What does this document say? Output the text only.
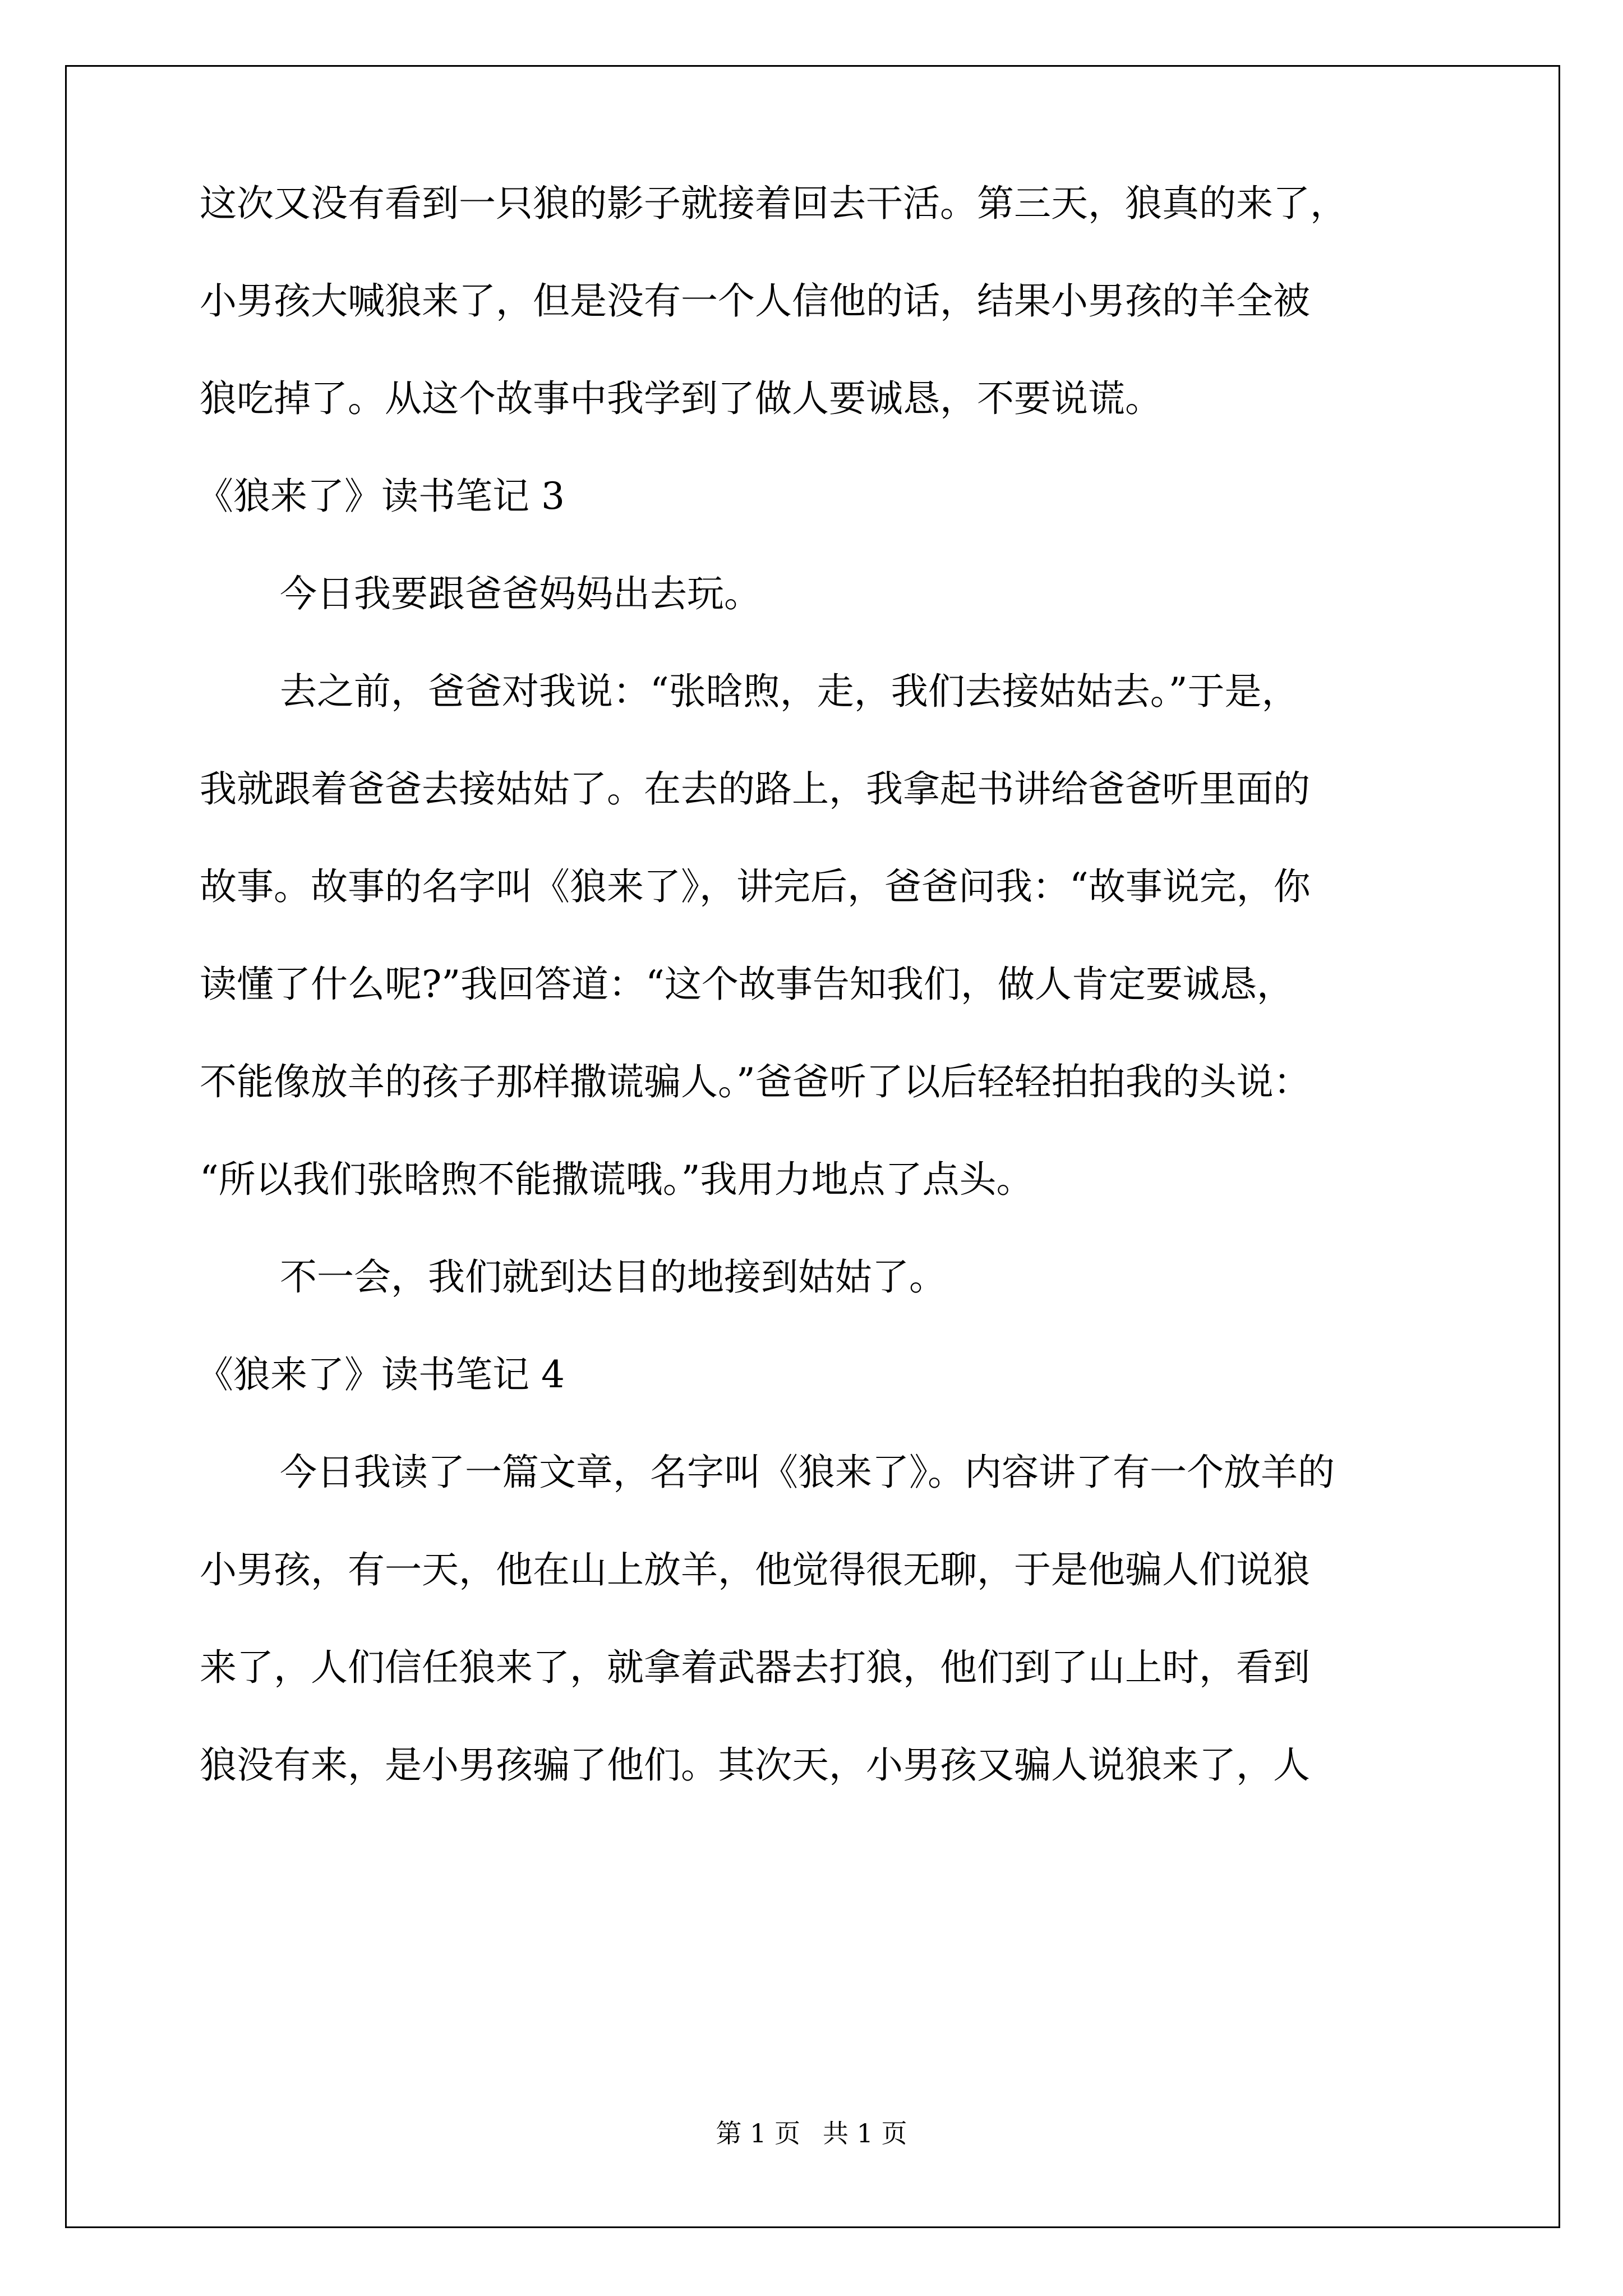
这次又没有看到一只狼的影子就接着回去干活。第三天，狼真的来了，
小男孩大喊狼来了，但是没有一个人信他的话，结果小男孩的羊全被
狼吃掉了。从这个故事中我学到了做人要诚恳，不要说谎。
《狼来了》读书笔记 3
今日我要跟爸爸妈妈出去玩。
去之前，爸爸对我说：“张晗煦，走，我们去接姑姑去。”于是，
我就跟着爸爸去接姑姑了。在去的路上，我拿起书讲给爸爸听里面的
故事。故事的名字叫《狼来了》，讲完后，爸爸问我：“故事说完，你
读懂了什么呢?”我回答道：“这个故事告知我们，做人肯定要诚恳，
不能像放羊的孩子那样撒谎骗人。”爸爸听了以后轻轻拍拍我的头说：
“所以我们张晗煦不能撒谎哦。”我用力地点了点头。
不一会，我们就到达目的地接到姑姑了。
《狼来了》读书笔记 4
今日我读了一篇文章，名字叫《狼来了》。内容讲了有一个放羊的
小男孩，有一天，他在山上放羊，他觉得很无聊，于是他骗人们说狼
来了，人们信任狼来了，就拿着武器去打狼，他们到了山上时，看到
狼没有来，是小男孩骗了他们。其次天，小男孩又骗人说狼来了，人
第 1 页 共 1 页
